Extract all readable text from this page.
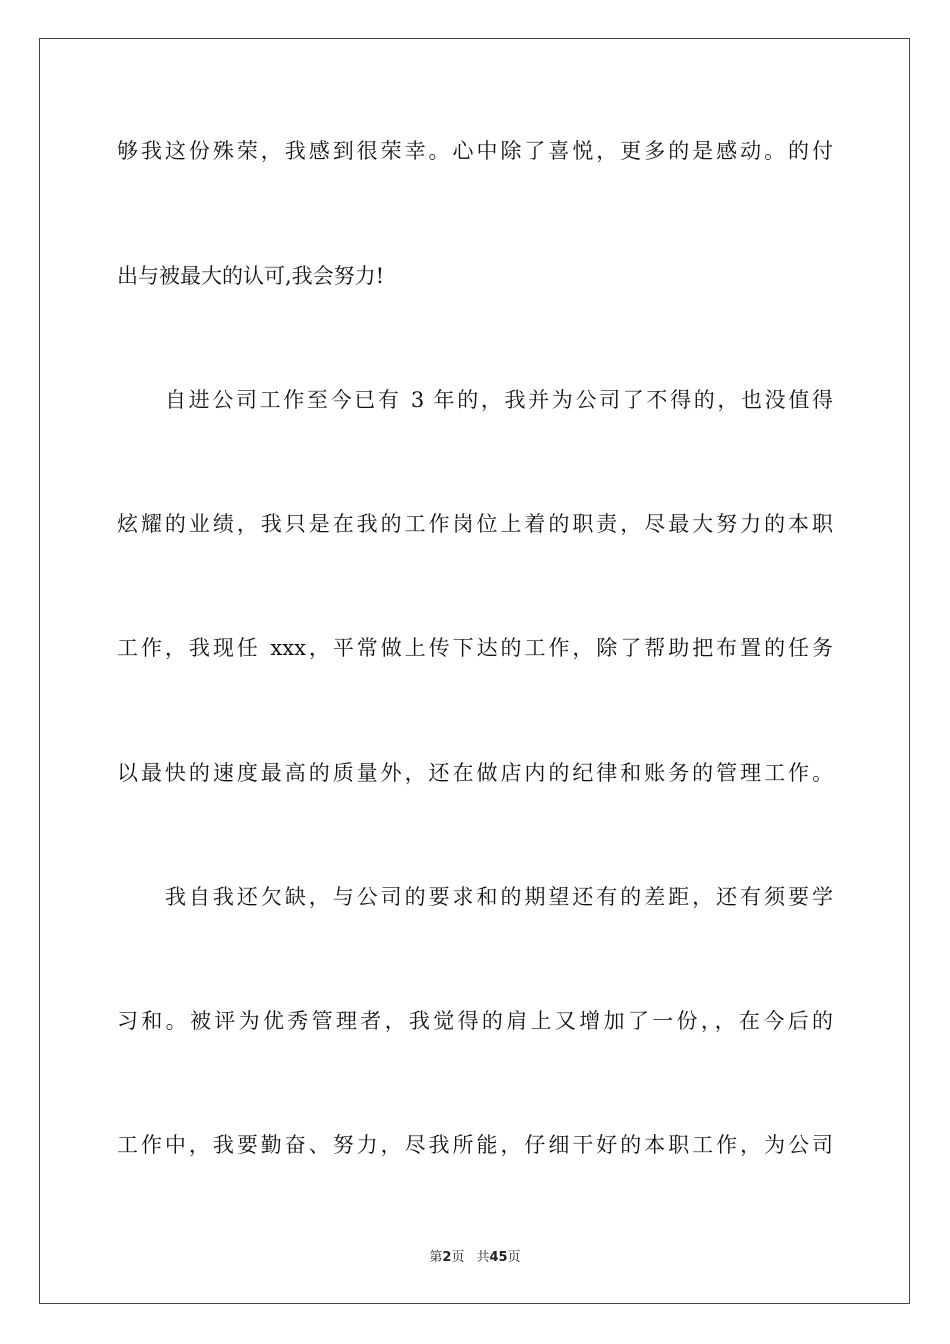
够我这份殊荣，我感到很荣幸。心中除了喜悦，更多的是感动。的付

出与被最大的认可,我会努力!

自进公司工作至今已有 3 年的，我并为公司了不得的，也没值得

炫耀的业绩，我只是在我的工作岗位上着的职责，尽最大努力的本职

工作，我现任 xxx，平常做上传下达的工作，除了帮助把布置的任务

以最快的速度最高的质量外，还在做店内的纪律和账务的管理工作。

我自我还欠缺，与公司的要求和的期望还有的差距，还有须要学

习和。被评为优秀管理者，我觉得的肩上又增加了一份，，在今后的

工作中，我要勤奋、努力，尽我所能，仔细干好的本职工作，为公司

第2页 共45页
